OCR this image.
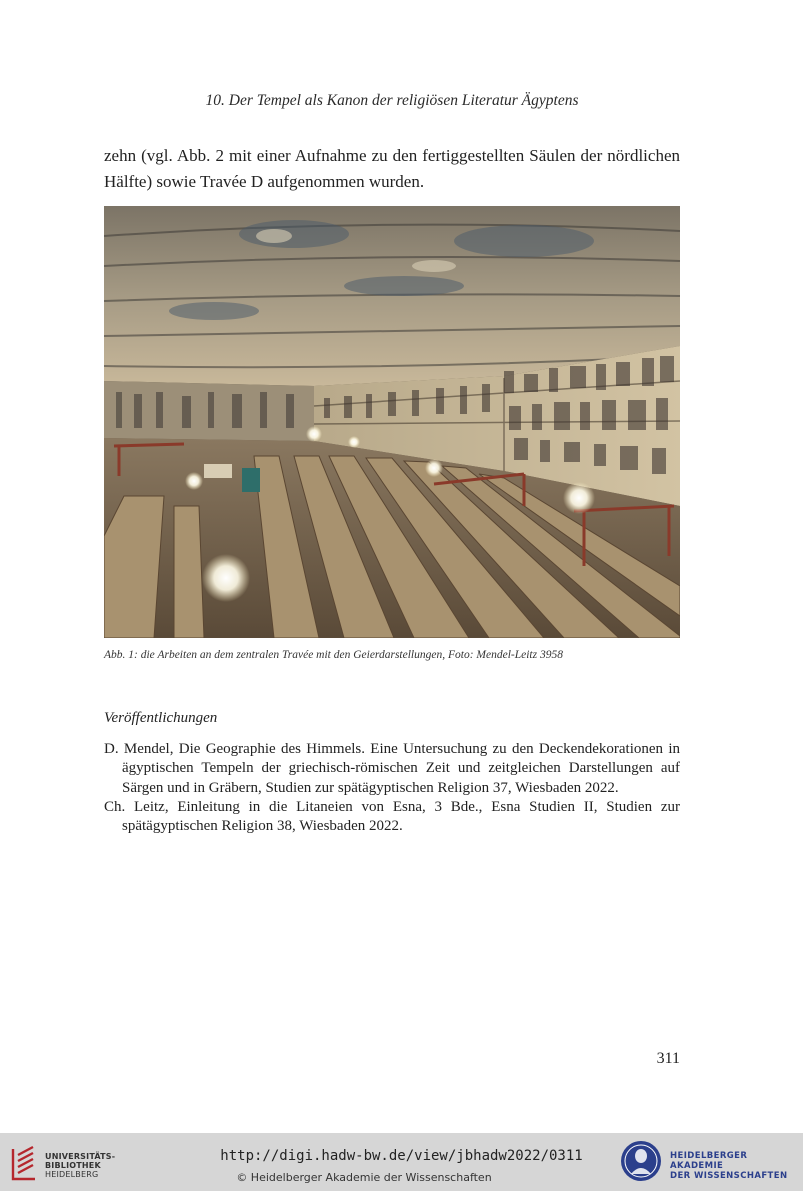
10. Der Tempel als Kanon der religiösen Literatur Ägyptens

zehn (vgl. Abb. 2 mit einer Aufnahme zu den fertiggestellten Säulen der nördlichen Hälfte) sowie Travée D aufgenommen wurden.

Abb. 1: die Arbeiten an dem zentralen Travée mit den Geierdarstellungen, Foto: Mendel-Leitz 3958
Veröffentlichungen

D. Mendel, Die Geographie des Himmels. Eine Untersuchung zu den Deckendekorationen in ägyptischen Tempeln der griechisch-römischen Zeit und zeitgleichen Darstellungen auf Särgen und in Gräbern, Studien zur spätägyptischen Religion 37, Wiesbaden 2022.

Ch. Leitz, Einleitung in die Litaneien von Esna, 3 Bde., Esna Studien II, Studien zur spätägyptischen Religion 38, Wiesbaden 2022.

311
UNIVERSITÄTS-
BIBLIOTHEK
HEIDELBERG
http://digi.hadw-bw.de/view/jbhadw2022/0311
© Heidelberger Akademie der Wissenschaften
HEIDELBERGER AKADEMIE
DER WISSENSCHAFTEN
